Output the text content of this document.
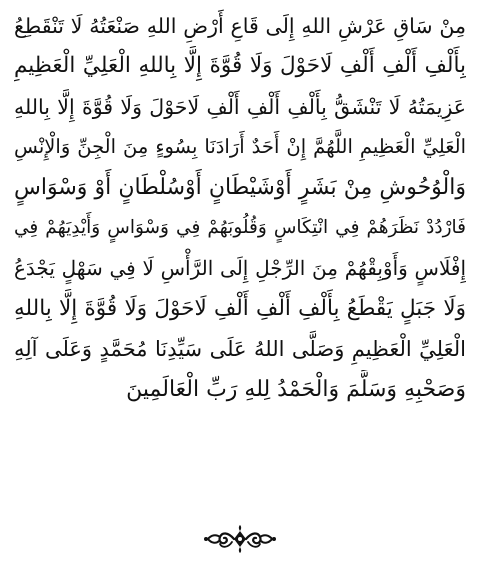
مِنْ سَاقِ عَرْشِ اللهِ إِلَى قَاعِ أَرْضِ اللهِ صَنْعَتُهُ لَا تَنْقَطِعُ
بِأَلْفِ أَلْفِ أَلْفِ لَاحَوْلَ وَلَا قُوَّةَ إِلَّا بِاللهِ الْعَلِيِّ الْعَظِيمِ
عَزِيمَتُهُ لَا تَنْشَقُّ بِأَلْفِ أَلْفِ أَلْفِ لَاحَوْلَ وَلَا قُوَّةَ إِلَّا بِاللهِ
الْعَلِيِّ الْعَظِيمِ اللَّهُمَّ إِنْ أَحَدٌ أَرَادَنَا بِسُوءٍ مِنَ الْجِنِّ وَالْإِنْسِ
وَالْوُحُوشِ مِنْ بَشَرٍ أَوْشَيْطَانٍ أَوْسُلْطَانٍ أَوْ وَسْوَاسٍ
فَارْدُدْ نَظَرَهُمْ فِي انْتِكَاسٍ وَقُلُوبَهُمْ فِي وَسْوَاسٍ وَأَيْدِيَهُمْ فِي
إِفْلَاسٍ وَأَوْبِقْهُمْ مِنَ الرِّجْلِ إِلَى الرَّأْسِ لَا فِي سَهْلٍ يَجْدَعُ
وَلَا جَبَلٍ يَقْطَعُ بِأَلْفِ أَلْفِ أَلْفِ لَاحَوْلَ وَلَا قُوَّةَ إِلَّا بِاللهِ
الْعَلِيِّ الْعَظِيمِ وَصَلَّى اللهُ عَلَى سَيِّدِنَا مُحَمَّدٍ وَعَلَى آلِهِ
وَصَحْبِهِ وَسَلَّمَ وَالْحَمْدُ لِلهِ رَبِّ الْعَالَمِينَ
